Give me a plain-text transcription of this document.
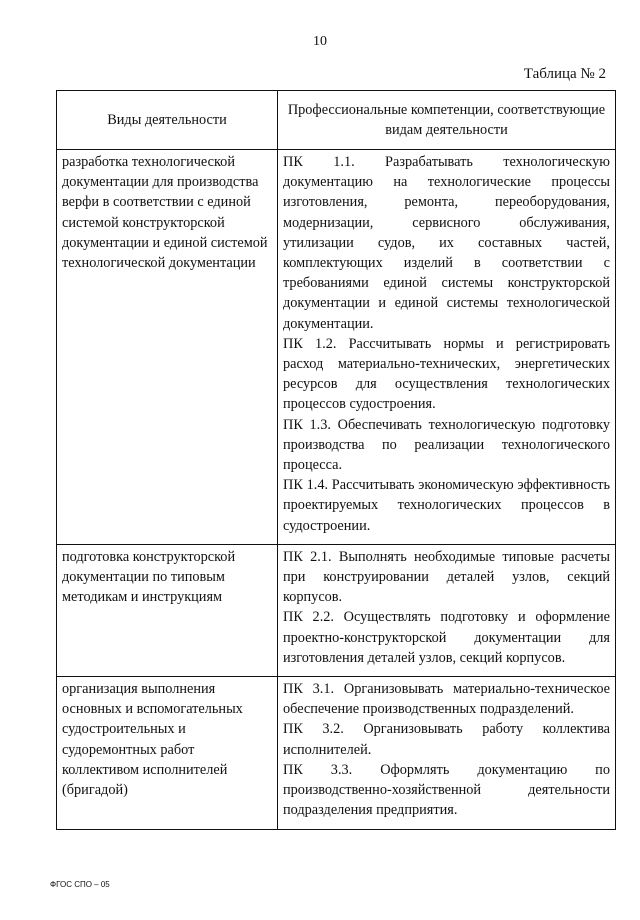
10
Таблица № 2
Виды деятельности	Профессиональные компетенции, соответствующие видам деятельности
разработка технологической документации для производства верфи в соответствии с единой системой конструкторской документации и единой системой технологической документации	ПК 1.1. Разрабатывать технологическую документацию на технологические процессы изготовления, ремонта, переоборудования, модернизации, сервисного обслуживания, утилизации судов, их составных частей, комплектующих изделий в соответствии с требованиями единой системы конструкторской документации и единой системы технологической документации.

ПК 1.2. Рассчитывать нормы и регистрировать расход материально-технических, энергетических ресурсов для осуществления технологических процессов судостроения.

ПК 1.3. Обеспечивать технологическую подготовку производства по реализации технологического процесса.

ПК 1.4. Рассчитывать экономическую эффективность проектируемых технологических процессов в судостроении.

подготовка конструкторской документации по типовым методикам и инструкциям	ПК 2.1. Выполнять необходимые типовые расчеты при конструировании деталей узлов, секций корпусов.

ПК 2.2. Осуществлять подготовку и оформление проектно-конструкторской документации для изготовления деталей узлов, секций корпусов.

организация выполнения основных и вспомогательных судостроительных и судоремонтных работ коллективом исполнителей (бригадой)	ПК 3.1. Организовывать материально-техническое обеспечение производственных подразделений.

ПК 3.2. Организовывать работу коллектива исполнителей.

ПК 3.3. Оформлять документацию по производственно-хозяйственной деятельности подразделения предприятия.

ФГОС СПО – 05
